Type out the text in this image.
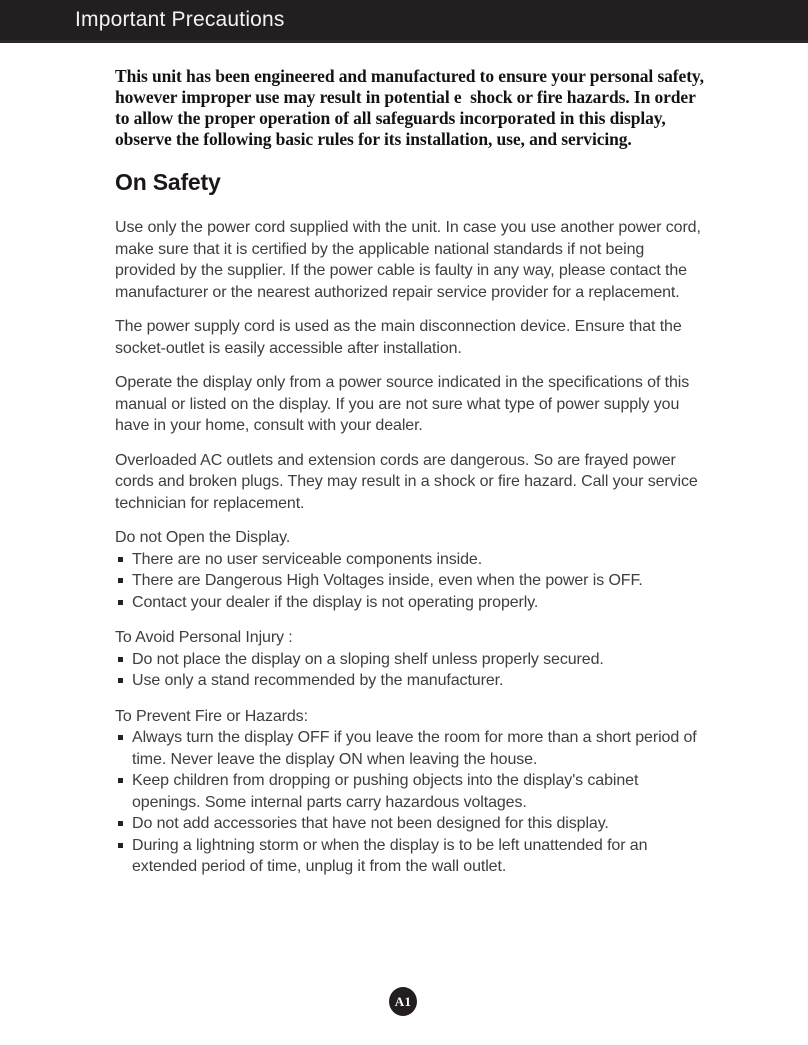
Important Precautions

This unit has been engineered and manufactured to ensure your personal safety, however improper use may result in potential e  shock or fire hazards. In order to allow the proper operation of all safeguards incorporated in this display, observe the following basic rules for its installation, use, and servicing.

On Safety

Use only the power cord supplied with the unit. In case you use another power cord, make sure that it is certified by the applicable national standards if not being provided by the supplier. If the power cable is faulty in any way, please contact the manufacturer or the nearest authorized repair service provider for a replacement.

The power supply cord is used as the main disconnection device. Ensure that the socket-outlet is easily accessible after installation.

Operate the display only from a power source indicated in the specifications of this manual or listed on the display. If you are not sure what type of power supply you have in your home, consult with your dealer.

Overloaded AC outlets and extension cords are dangerous. So are frayed power cords and broken plugs. They may result in a shock or fire hazard. Call your service technician for replacement.

Do not Open the Display.

There are no user serviceable components inside.
There are Dangerous High Voltages inside, even when the power is OFF.
Contact your dealer if the display is not operating properly.

To Avoid Personal Injury :

Do not place the display on a sloping shelf unless properly secured.
Use only a stand recommended by the manufacturer.

To Prevent Fire or Hazards:

Always turn the display OFF if you leave the room for more than a short period of time. Never leave the display ON when leaving the house.
Keep children from dropping or pushing objects into the display's cabinet openings. Some internal parts carry hazardous voltages.
Do not add accessories that have not been designed for this display.
During a lightning storm or when the display is to be left unattended for an extended period of time, unplug it from the wall outlet.
A1
